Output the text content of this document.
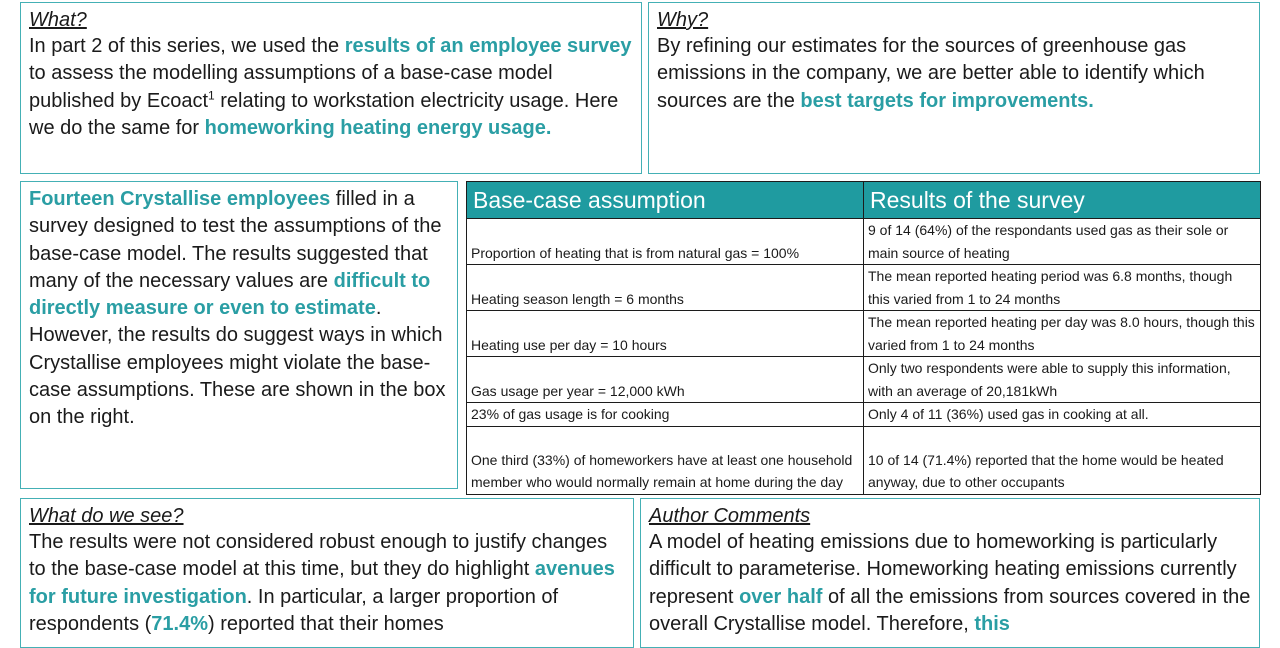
What?

In part 2 of this series, we used the results of an employee survey to assess the modelling assumptions of a base-case model published by Ecoact$^1$ relating to workstation electricity usage. Here we do the same for homeworking heating energy usage.

Why?

By refining our estimates for the sources of greenhouse gas emissions in the company, we are better able to identify which sources are the best targets for improvements.

Fourteen Crystallise employees filled in a survey designed to test the assumptions of the base-case model. The results suggested that many of the necessary values are difficult to directly measure or even to estimate. However, the results do suggest ways in which Crystallise employees might violate the base-case assumptions. These are shown in the box on the right.

Base-case assumption	Results of the survey
Proportion of heating that is from natural gas = 100%	9 of 14 (64%) of the respondants used gas as their sole or main source of heating
Heating season length = 6 months	The mean reported heating period was 6.8 months, though this varied from 1 to 24 months
Heating use per day = 10 hours	The mean reported heating per day was 8.0 hours, though this varied from 1 to 24 months
Gas usage per year = 12,000 kWh	Only two respondents were able to supply this information, with an average of 20,181kWh
23% of gas usage is for cooking	Only 4 of 11 (36%) used gas in cooking at all.
One third (33%) of homeworkers have at least one household member who would normally remain at home during the day	10 of 14 (71.4%) reported that the home would be heated anyway, due to other occupants
What do we see?

The results were not considered robust enough to justify changes to the base-case model at this time, but they do highlight avenues for future investigation. In particular, a larger proportion of respondents (71.4%) reported that their homes

Author Comments

A model of heating emissions due to homeworking is particularly difficult to parameterise. Homeworking heating emissions currently represent over half of all the emissions from sources covered in the overall Crystallise model. Therefore, this
